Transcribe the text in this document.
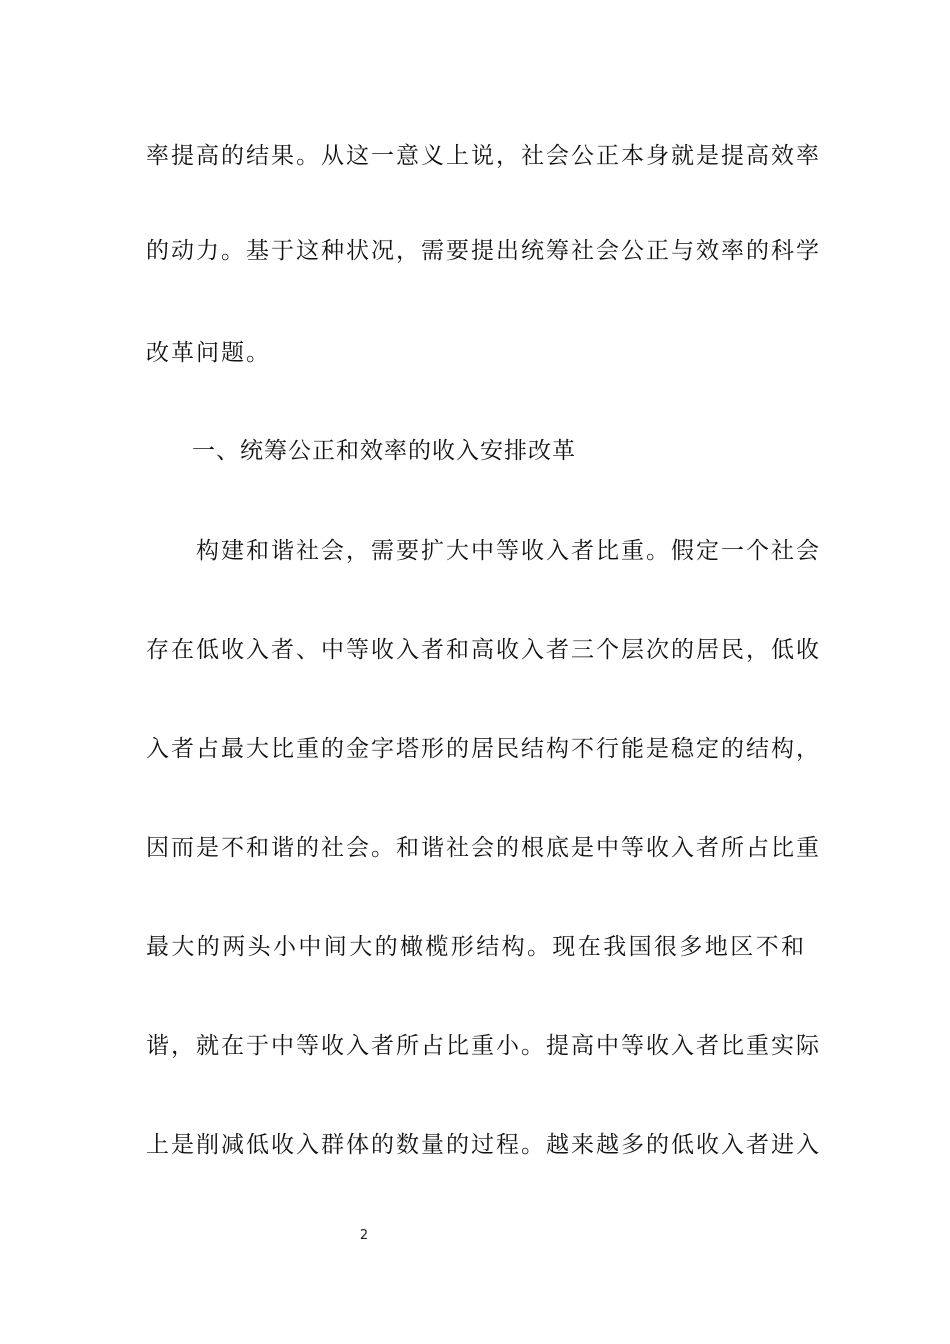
率提高的结果。从这一意义上说，社会公正本身就是提高效率
的动力。基于这种状况，需要提出统筹社会公正与效率的科学
改革问题。
一、统筹公正和效率的收入安排改革
构建和谐社会，需要扩大中等收入者比重。假定一个社会
存在低收入者、中等收入者和高收入者三个层次的居民，低收
入者占最大比重的金字塔形的居民结构不行能是稳定的结构，
因而是不和谐的社会。和谐社会的根底是中等收入者所占比重
最大的两头小中间大的橄榄形结构。现在我国很多地区不和
谐，就在于中等收入者所占比重小。提高中等收入者比重实际
上是削减低收入群体的数量的过程。越来越多的低收入者进入
2
